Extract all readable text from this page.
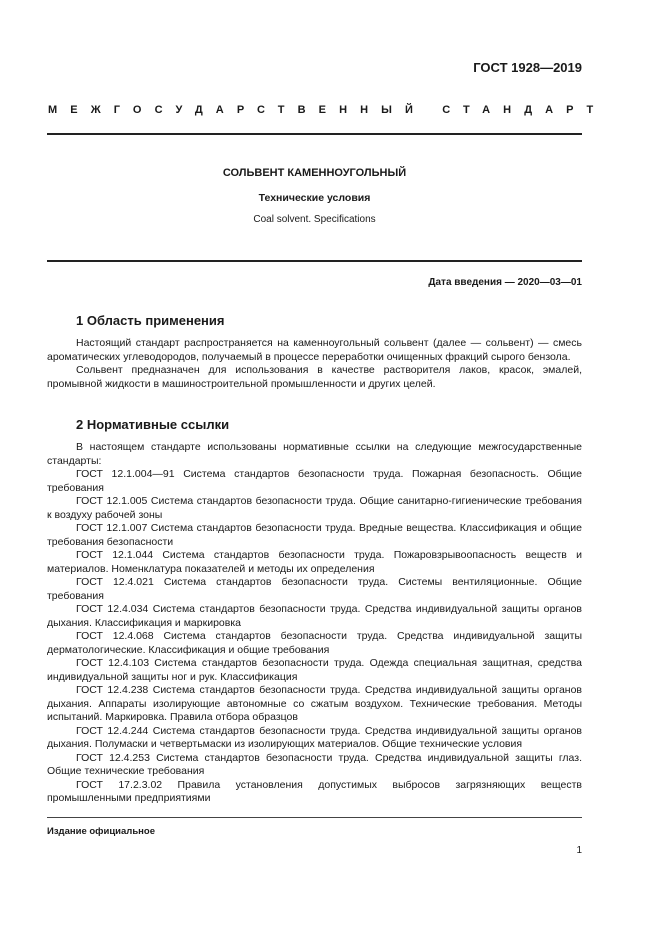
ГОСТ 1928—2019
МЕЖГОСУДАРСТВЕННЫЙ СТАНДАРТ
СОЛЬВЕНТ КАМЕННОУГОЛЬНЫЙ
Технические условия
Coal solvent. Specifications
Дата введения — 2020—03—01
1 Область применения

Настоящий стандарт распространяется на каменноугольный сольвент (далее — сольвент) — смесь ароматических углеводородов, получаемый в процессе переработки очищенных фракций сырого бензола.

Сольвент предназначен для использования в качестве растворителя лаков, красок, эмалей, промывной жидкости в машиностроительной промышленности и других целей.

2 Нормативные ссылки

В настоящем стандарте использованы нормативные ссылки на следующие межгосударственные стандарты:

ГОСТ 12.1.004—91 Система стандартов безопасности труда. Пожарная безопасность. Общие требования

ГОСТ 12.1.005 Система стандартов безопасности труда. Общие санитарно-гигиенические требования к воздуху рабочей зоны

ГОСТ 12.1.007 Система стандартов безопасности труда. Вредные вещества. Классификация и общие требования безопасности

ГОСТ 12.1.044 Система стандартов безопасности труда. Пожаровзрывоопасность веществ и материалов. Номенклатура показателей и методы их определения

ГОСТ 12.4.021 Система стандартов безопасности труда. Системы вентиляционные. Общие требования

ГОСТ 12.4.034 Система стандартов безопасности труда. Средства индивидуальной защиты органов дыхания. Классификация и маркировка

ГОСТ 12.4.068 Система стандартов безопасности труда. Средства индивидуальной защиты дерматологические. Классификация и общие требования

ГОСТ 12.4.103 Система стандартов безопасности труда. Одежда специальная защитная, средства индивидуальной защиты ног и рук. Классификация

ГОСТ 12.4.238 Система стандартов безопасности труда. Средства индивидуальной защиты органов дыхания. Аппараты изолирующие автономные со сжатым воздухом. Технические требования. Методы испытаний. Маркировка. Правила отбора образцов

ГОСТ 12.4.244 Система стандартов безопасности труда. Средства индивидуальной защиты органов дыхания. Полумаски и четвертьмаски из изолирующих материалов. Общие технические условия

ГОСТ 12.4.253 Система стандартов безопасности труда. Средства индивидуальной защиты глаз. Общие технические требования

ГОСТ 17.2.3.02 Правила установления допустимых выбросов загрязняющих веществ промышленными предприятиями

Издание официальное
1
